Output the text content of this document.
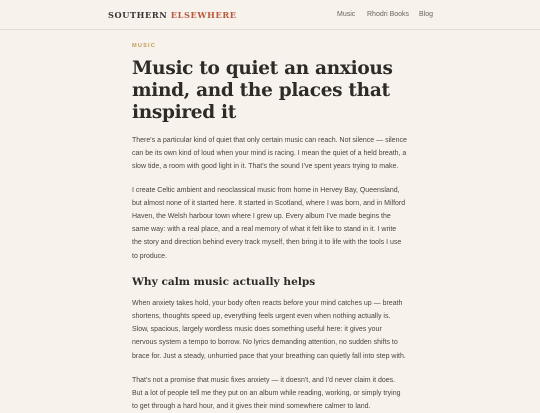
SOUTHERN ELSEWHERE	Music Rhodri Books Blog
MUSIC
Music to quiet an anxious mind, and the places that inspired it

There's a particular kind of quiet that only certain music can reach. Not silence — silence can be its own kind of loud when your mind is racing. I mean the quiet of a held breath, a slow tide, a room with good light in it. That's the sound I've spent years trying to make.

I create Celtic ambient and neoclassical music from home in Hervey Bay, Queensland, but almost none of it started here. It started in Scotland, where I was born, and in Milford Haven, the Welsh harbour town where I grew up. Every album I've made begins the same way: with a real place, and a real memory of what it felt like to stand in it. I write the story and direction behind every track myself, then bring it to life with the tools I use to produce.

Why calm music actually helps

When anxiety takes hold, your body often reacts before your mind catches up — breath shortens, thoughts speed up, everything feels urgent even when nothing actually is. Slow, spacious, largely wordless music does something useful here: it gives your nervous system a tempo to borrow. No lyrics demanding attention, no sudden shifts to brace for. Just a steady, unhurried pace that your breathing can quietly fall into step with.

That's not a promise that music fixes anxiety — it doesn't, and I'd never claim it does. But a lot of people tell me they put on an album while reading, working, or simply trying to get through a hard hour, and it gives their mind somewhere calmer to land.
